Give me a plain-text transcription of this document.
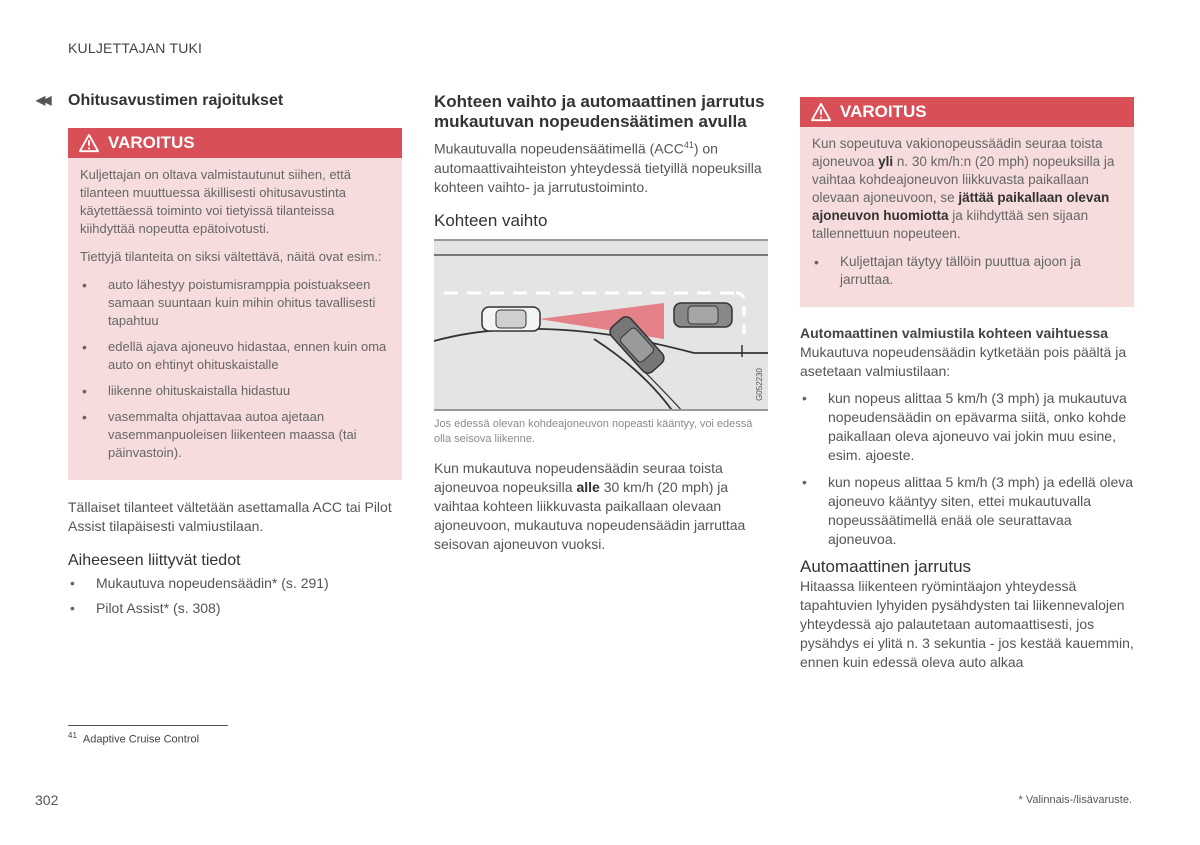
KULJETTAJAN TUKI
◀◀ Ohitusavustimen rajoitukset
VAROITUS

Kuljettajan on oltava valmistautunut siihen, että tilanteen muuttuessa äkillisesti ohitusavustinta käytettäessä toiminto voi tietyissä tilanteissa kiihdyttää nopeutta epätoivotusti.

Tiettyjä tilanteita on siksi vältettävä, näitä ovat esim.:

• auto lähestyy poistumisramppia poistuakseen samaan suuntaan kuin mihin ohitus tavallisesti tapahtuu
• edellä ajava ajoneuvo hidastaa, ennen kuin oma auto on ehtinyt ohituskaistalle
• liikenne ohituskaistalla hidastuu
• vasemmalta ohjattavaa autoa ajetaan vasemmanpuoleisen liikenteen maassa (tai päinvastoin).

Tällaiset tilanteet vältetään asettamalla ACC tai Pilot Assist tilapäisesti valmiustilaan.

Aiheeseen liittyvät tiedot
• Mukautuva nopeudensäädin* (s. 291)
• Pilot Assist* (s. 308)
Kohteen vaihto ja automaattinen jarrutus mukautuvan nopeudensäätimen avulla

Mukautuvalla nopeudensäätimellä (ACC$^{41}$) on automaattivaihteiston yhteydessä tietyillä nopeuksilla kohteen vaihto- ja jarrutustoiminto.

Kohteen vaihto
G052230

Jos edessä olevan kohdeajoneuvon nopeasti kääntyy, voi edessä olla seisova liikenne.

Kun mukautuva nopeudensäädin seuraa toista ajoneuvoa nopeuksilla alle 30 km/h (20 mph) ja vaihtaa kohteen liikkuvasta paikallaan olevaan ajoneuvoon, mukautuva nopeudensäädin jarruttaa seisovan ajoneuvon vuoksi.

VAROITUS

Kun sopeutuva vakionopeussäädin seuraa toista ajoneuvoa yli n. 30 km/h:n (20 mph) nopeuksilla ja vaihtaa kohdeajoneuvon liikkuvasta paikallaan olevaan ajoneuvoon, se jättää paikallaan olevan ajoneuvon huomiotta ja kiihdyttää sen sijaan tallennettuun nopeuteen.

• Kuljettajan täytyy tällöin puuttua ajoon ja jarruttaa.
Automaattinen valmiustila kohteen vaihtuessa

Mukautuva nopeudensäädin kytketään pois päältä ja asetetaan valmiustilaan:

• kun nopeus alittaa 5 km/h (3 mph) ja mukautuva nopeudensäädin on epävarma siitä, onko kohde paikallaan oleva ajoneuvo vai jokin muu esine, esim. ajoeste.
• kun nopeus alittaa 5 km/h (3 mph) ja edellä oleva ajoneuvo kääntyy siten, ettei mukautuvalla nopeussäätimellä enää ole seurattavaa ajoneuvoa.
Automaattinen jarrutus

Hitaassa liikenteen ryömintäajon yhteydessä tapahtuvien lyhyiden pysähdysten tai liikennevalojen yhteydessä ajo palautetaan automaattisesti, jos pysähdys ei ylitä n. 3 sekuntia - jos kestää kauemmin, ennen kuin edessä oleva auto alkaa

$^{41}$ Adaptive Cruise Control
302	* Valinnais-/lisävaruste.
